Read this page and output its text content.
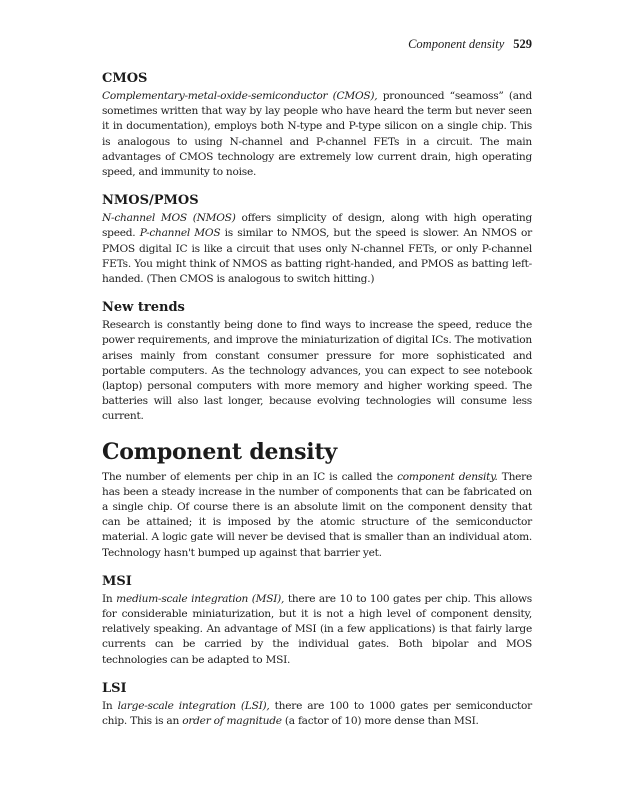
Component density 529
CMOS

Complementary-metal-oxide-semiconductor (CMOS), pronounced “seamoss” (and sometimes written that way by lay people who have heard the term but never seen it in documentation), employs both N-type and P-type silicon on a single chip. This is analogous to using N-channel and P-channel FETs in a circuit. The main advantages of CMOS technology are extremely low current drain, high operating speed, and immunity to noise.

NMOS/PMOS

N-channel MOS (NMOS) offers simplicity of design, along with high operating speed. P-channel MOS is similar to NMOS, but the speed is slower. An NMOS or PMOS digital IC is like a circuit that uses only N-channel FETs, or only P-channel FETs. You might think of NMOS as batting right-handed, and PMOS as batting left-handed. (Then CMOS is analogous to switch hitting.)

New trends

Research is constantly being done to find ways to increase the speed, reduce the power requirements, and improve the miniaturization of digital ICs. The motivation arises mainly from constant consumer pressure for more sophisticated and portable computers. As the technology advances, you can expect to see notebook (laptop) personal computers with more memory and higher working speed. The batteries will also last longer, because evolving technologies will consume less current.

Component density

The number of elements per chip in an IC is called the component density. There has been a steady increase in the number of components that can be fabricated on a single chip. Of course there is an absolute limit on the component density that can be attained; it is imposed by the atomic structure of the semiconductor material. A logic gate will never be devised that is smaller than an individual atom. Technology hasn't bumped up against that barrier yet.

MSI

In medium-scale integration (MSI), there are 10 to 100 gates per chip. This allows for considerable miniaturization, but it is not a high level of component density, relatively speaking. An advantage of MSI (in a few applications) is that fairly large currents can be carried by the individual gates. Both bipolar and MOS technologies can be adapted to MSI.

LSI

In large-scale integration (LSI), there are 100 to 1000 gates per semiconductor chip. This is an order of magnitude (a factor of 10) more dense than MSI.
